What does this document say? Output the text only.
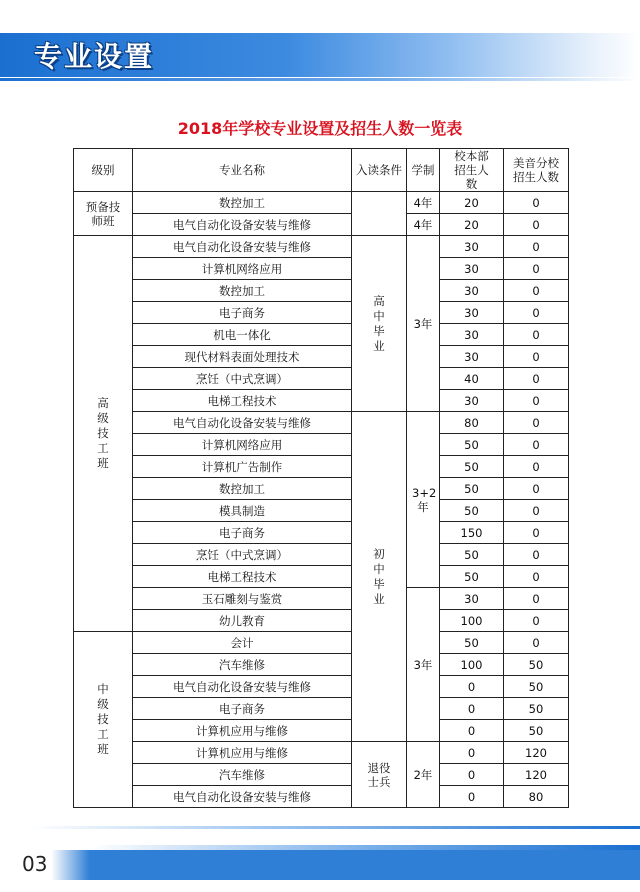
专业设置
2018年学校专业设置及招生人数一览表
级别	专业名称	入读条件	学制	校本部招生人数	美音分校招生人数

预备技师班	数控加工		4年	20	0
	电气自动化设备安装与维修		4年	20	0

高级技工班	电气自动化设备安装与维修	高中毕业	3年	30	0
	计算机网络应用			30	0
	数控加工			30	0
	电子商务			30	0
	机电一体化			30	0
	现代材料表面处理技术			30	0
	烹饪（中式烹调）			40	0
	电梯工程技术			30	0
	电气自动化设备安装与维修	初中毕业	3+2年	80	0
	计算机网络应用			50	0
	计算机广告制作			50	0
	数控加工			50	0
	模具制造			50	0
	电子商务			150	0
	烹饪（中式烹调）			50	0
	电梯工程技术			50	0
	玉石雕刻与鉴赏		3年	30	0
	幼儿教育			100	0

中级技工班	会计			50	0
	汽车维修			100	50
	电气自动化设备安装与维修			0	50
	电子商务			0	50
	计算机应用与维修			0	50
	计算机应用与维修	退役士兵	2年	0	120
	汽车维修			0	120
	电气自动化设备安装与维修			0	80
03
